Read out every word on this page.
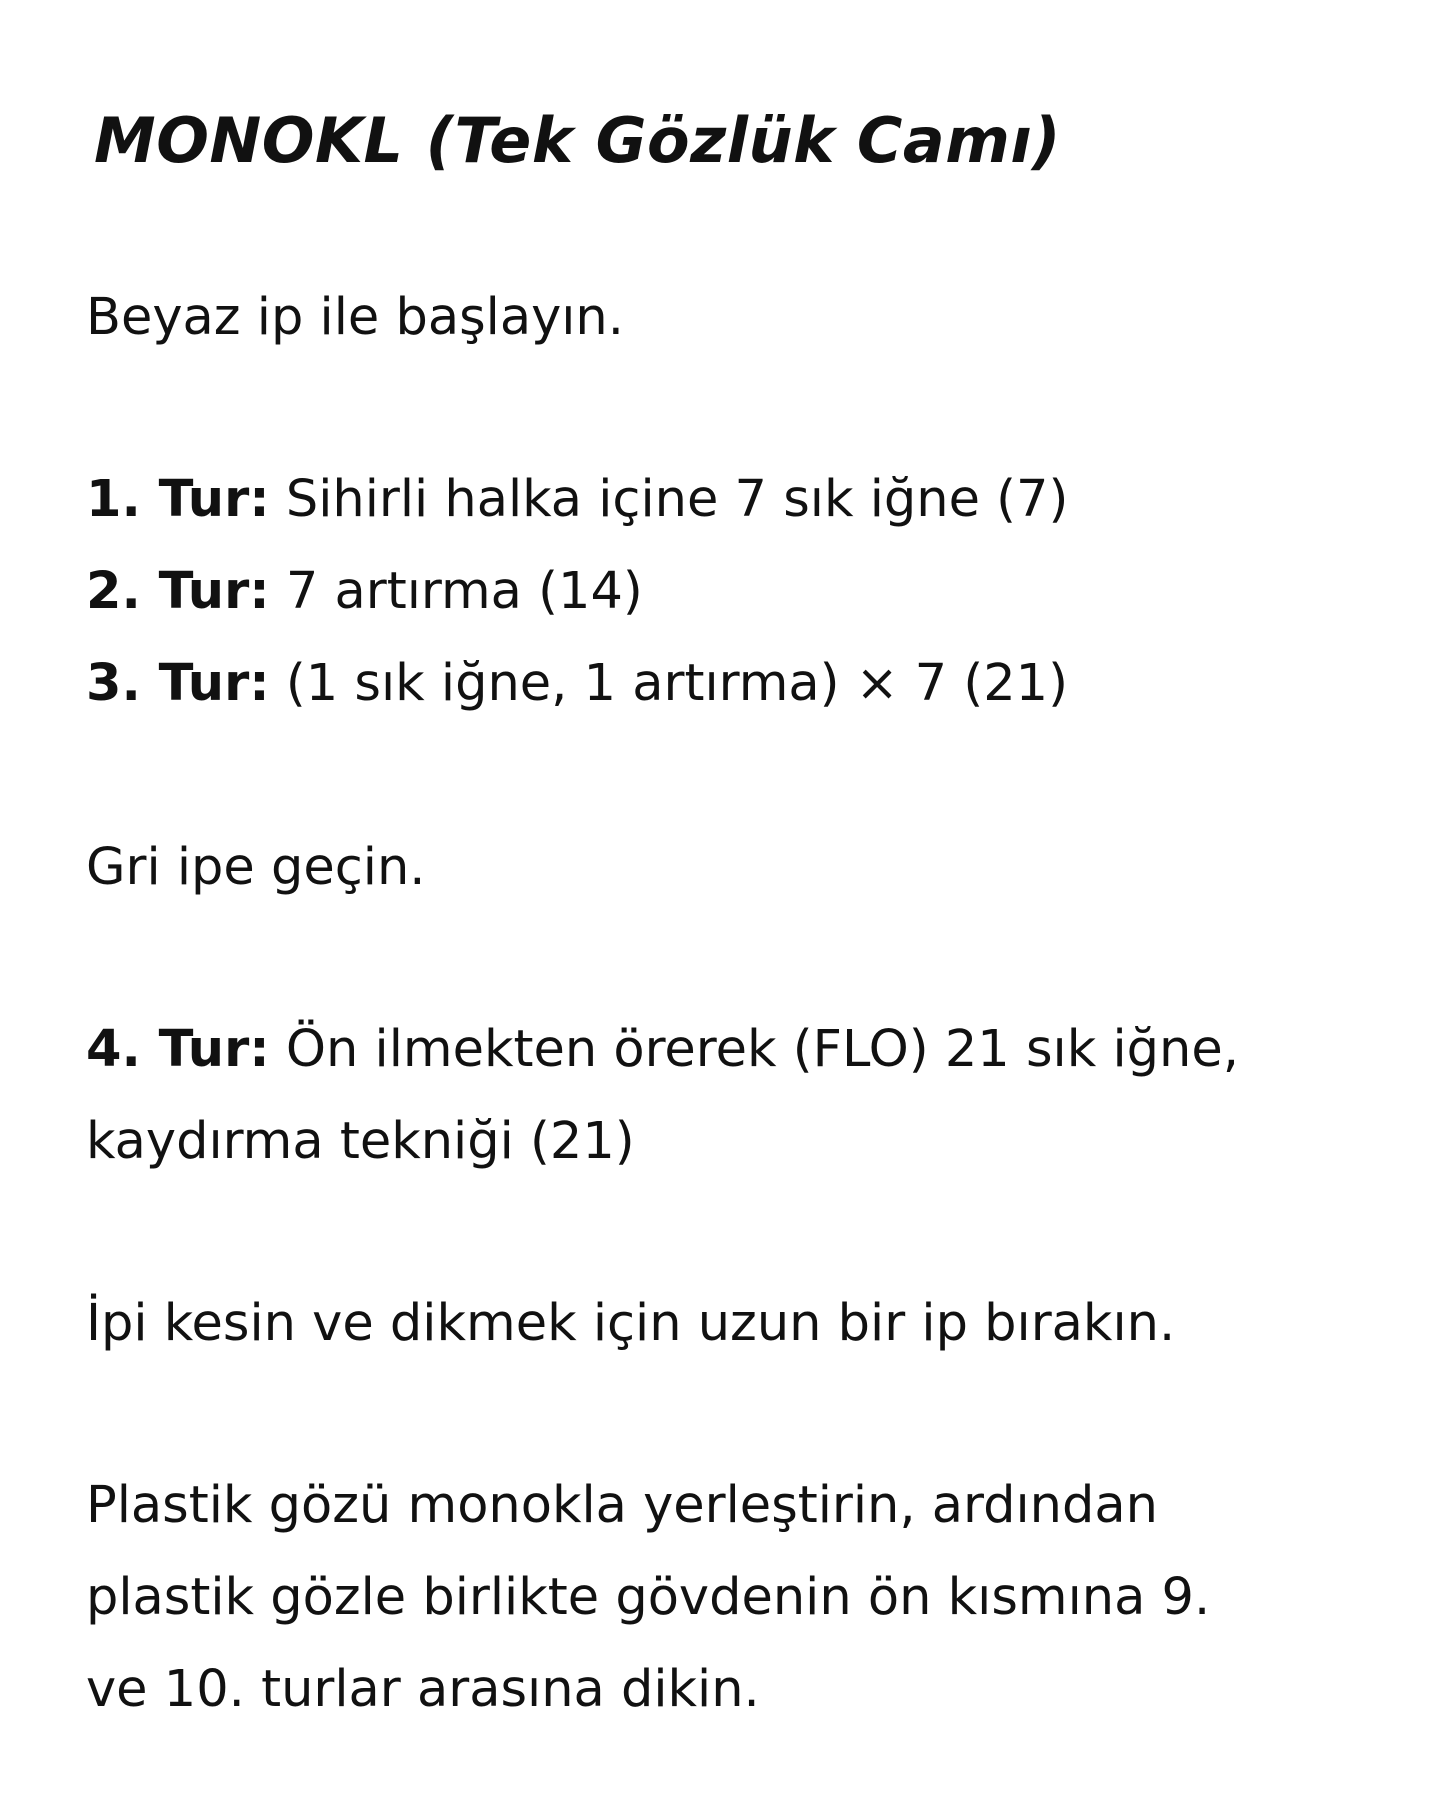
MONOKL (Tek Gözlük Camı)

Beyaz ip ile başlayın.

1. Tur: Sihirli halka içine 7 sık iğne (7)
2. Tur: 7 artırma (14)
3. Tur: (1 sık iğne, 1 artırma) × 7 (21)

Gri ipe geçin.

4. Tur: Ön ilmekten örerek (FLO) 21 sık iğne,
kaydırma tekniği (21)

İpi kesin ve dikmek için uzun bir ip bırakın.

Plastik gözü monokla yerleştirin, ardından
plastik gözle birlikte gövdenin ön kısmına 9.
ve 10. turlar arasına dikin.
